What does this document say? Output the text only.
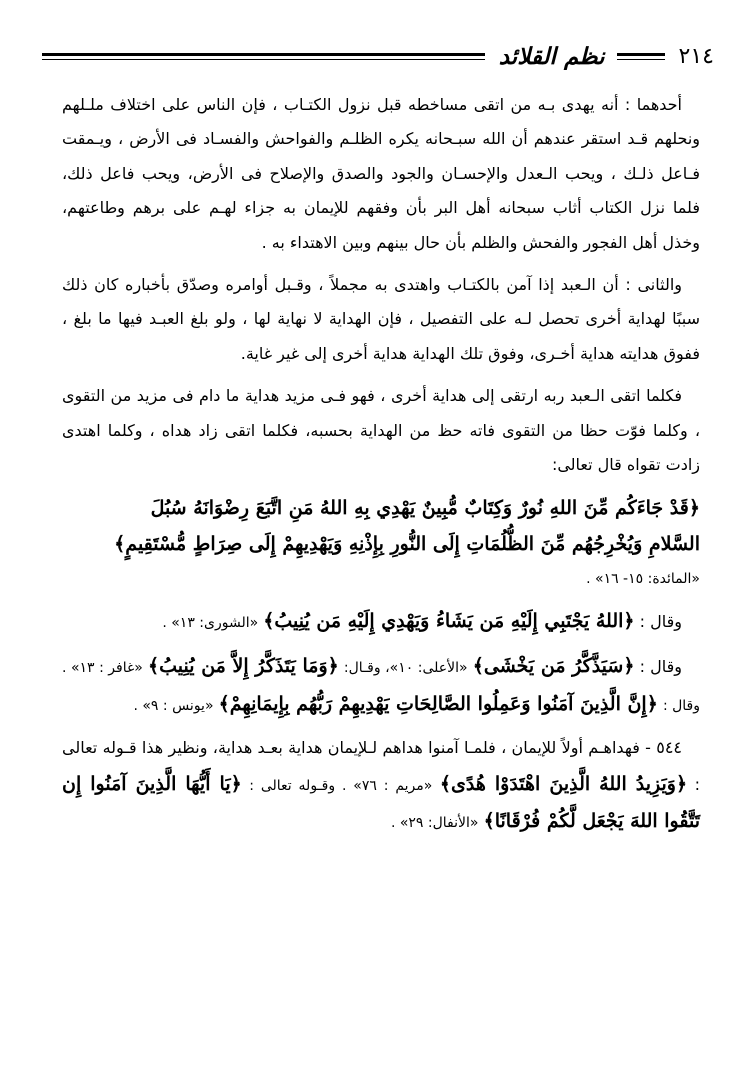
٢١٤
نظم القلائد

أحدهما : أنه يهدى بـه من اتقى مساخطه قبل نزول الكتـاب ، فإن الناس على اختلاف ملـلهم ونحلهم قـد استقر عندهم أن الله سبـحانه يكره الظلـم والفواحش والفسـاد فى الأرض ، ويـمقت فـاعل ذلـك ، ويحب الـعدل والإحسـان والجود والصدق والإصلاح فى الأرض، ويحب فاعل ذلك، فلما نزل الكتاب أثاب سبحانه أهل البر بأن وفقهم للإيمان به جزاء لهـم على برهم وطاعتهم، وخذل أهل الفجور والفحش والظلم بأن حال بينهم وبين الاهتداء به .

والثانى : أن الـعبد إذا آمن بالكتـاب واهتدى به مجملاً ، وقـبل أوامره وصدّق بأخباره كان ذلك سببًا لهداية أخرى تحصل لـه على التفصيل ، فإن الهداية لا نهاية لها ، ولو بلغ العبـد فيها ما بلغ ، ففوق هدايته هداية أخـرى، وفوق تلك الهداية هداية أخرى إلى غير غاية.

فكلما اتقى الـعبد ربه ارتقى إلى هداية أخرى ، فهو فـى مزيد هداية ما دام فى مزيد من التقوى ، وكلما فوّت حظا من التقوى فاته حظ من الهداية بحسبه، فكلما اتقى زاد هداه ، وكلما اهتدى زادت تقواه قال تعالى:

﴿قَدْ جَاءَكُم مِّنَ اللهِ نُورٌ وَكِتَابٌ مُّبِينٌ يَهْدِي بِهِ اللهُ مَنِ اتَّبَعَ رِضْوَانَهُ سُبُلَ
السَّلامِ وَيُخْرِجُهُم مِّنَ الظُّلُمَاتِ إِلَى النُّورِ بِإِذْنِهِ وَيَهْدِيهِمْ إِلَى صِرَاطٍ مُّسْتَقِيمٍ﴾
«المائدة: ١٥- ١٦» .

وقال : ﴿اللهُ يَجْتَبِي إِلَيْهِ مَن يَشَاءُ وَيَهْدِي إِلَيْهِ مَن يُنِيبُ﴾ «الشورى: ١٣» .

وقال : ﴿سَيَذَّكَّرُ مَن يَخْشَى﴾ «الأعلى: ١٠»، وقـال: ﴿وَمَا يَتَذَكَّرُ إِلاَّ مَن يُنِيبُ﴾ «غافر : ١٣» . وقال : ﴿إِنَّ الَّذِينَ آمَنُوا وَعَمِلُوا الصَّالِحَاتِ يَهْدِيهِمْ رَبُّهُم بِإِيمَانِهِمْ﴾ «يونس : ٩» .

٥٤٤ - فهداهـم أولاً للإيمان ، فلمـا آمنوا هداهم لـلإيمان هداية بعـد هداية، ونظير هذا قـوله تعالى : ﴿وَيَزِيدُ اللهُ الَّذِينَ اهْتَدَوْا هُدًى﴾ «مريم : ٧٦» . وقـوله تعالى : ﴿يَا أَيُّهَا الَّذِينَ آمَنُوا إِن تَتَّقُوا اللهَ يَجْعَل لَّكُمْ فُرْقَانًا﴾ «الأنفال: ٢٩» .
